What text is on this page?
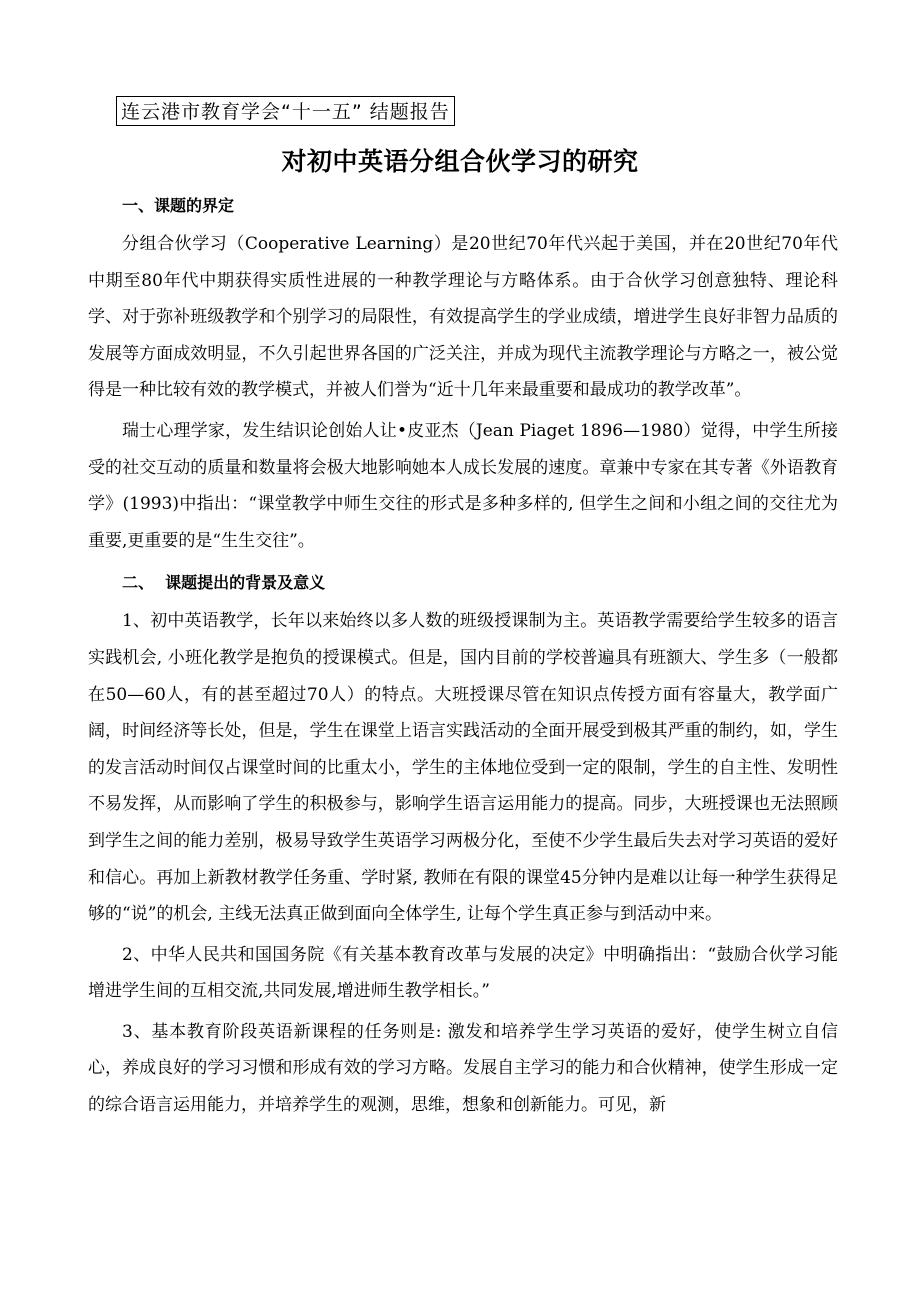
连云港市教育学会“十一五” 结题报告
对初中英语分组合伙学习的研究
一、课题的界定

分组合伙学习（Cooperative Learning）是20世纪70年代兴起于美国，并在20世纪70年代中期至80年代中期获得实质性进展的一种教学理论与方略体系。由于合伙学习创意独特、理论科学、对于弥补班级教学和个别学习的局限性，有效提高学生的学业成绩，增进学生良好非智力品质的发展等方面成效明显，不久引起世界各国的广泛关注，并成为现代主流教学理论与方略之一，被公觉得是一种比较有效的教学模式，并被人们誉为“近十几年来最重要和最成功的教学改革”。

瑞士心理学家，发生结识论创始人让•皮亚杰（Jean Piaget 1896—1980）觉得，中学生所接受的社交互动的质量和数量将会极大地影响她本人成长发展的速度。章兼中专家在其专著《外语教育学》(1993)中指出：“课堂教学中师生交往的形式是多种多样的, 但学生之间和小组之间的交往尤为重要,更重要的是“生生交往”。

二、  课题提出的背景及意义

1、初中英语教学，长年以来始终以多人数的班级授课制为主。英语教学需要给学生较多的语言实践机会, 小班化教学是抱负的授课模式。但是，国内目前的学校普遍具有班额大、学生多（一般都在50—60人，有的甚至超过70人）的特点。大班授课尽管在知识点传授方面有容量大，教学面广阔，时间经济等长处，但是，学生在课堂上语言实践活动的全面开展受到极其严重的制约，如，学生的发言活动时间仅占课堂时间的比重太小，学生的主体地位受到一定的限制，学生的自主性、发明性不易发挥，从而影响了学生的积极参与，影响学生语言运用能力的提高。同步，大班授课也无法照顾到学生之间的能力差别，极易导致学生英语学习两极分化，至使不少学生最后失去对学习英语的爱好和信心。再加上新教材教学任务重、学时紧, 教师在有限的课堂45分钟内是难以让每一种学生获得足够的“说”的机会, 主线无法真正做到面向全体学生, 让每个学生真正参与到活动中来。

2、中华人民共和国国务院《有关基本教育改革与发展的决定》中明确指出：“鼓励合伙学习能增进学生间的互相交流,共同发展,增进师生教学相长。”

3、基本教育阶段英语新课程的任务则是: 激发和培养学生学习英语的爱好，使学生树立自信心，养成良好的学习习惯和形成有效的学习方略。发展自主学习的能力和合伙精神，使学生形成一定的综合语言运用能力，并培养学生的观测，思维，想象和创新能力。可见，新
